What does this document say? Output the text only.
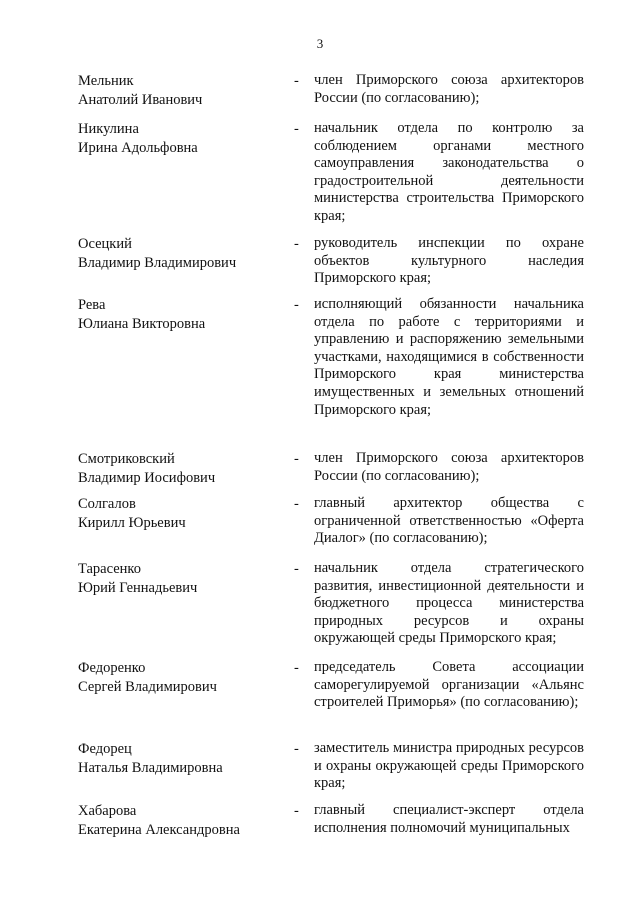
3
Мельник
Анатолий Иванович
- член Приморского союза архитекторов России (по согласованию);
Никулина
Ирина Адольфовна
- начальник отдела по контролю за соблюдением органами местного самоуправления законодательства о градостроительной деятельности министерства строительства Приморского края;
Осецкий
Владимир Владимирович
- руководитель инспекции по охране объектов культурного наследия Приморского края;
Рева
Юлиана Викторовна
- исполняющий обязанности начальника отдела по работе с территориями и управлению и распоряжению земельными участками, находящимися в собственности Приморского края министерства имущественных и земельных отношений Приморского края;
Смотриковский
Владимир Иосифович
- член Приморского союза архитекторов России (по согласованию);
Солгалов
Кирилл Юрьевич
- главный архитектор общества с ограниченной ответственностью «Оферта Диалог» (по согласованию);
Тарасенко
Юрий Геннадьевич
- начальник отдела стратегического развития, инвестиционной деятельности и бюджетного процесса министерства природных ресурсов и охраны окружающей среды Приморского края;
Федоренко
Сергей Владимирович
- председатель Совета ассоциации саморегулируемой организации «Альянс строителей Приморья» (по согласованию);
Федорец
Наталья Владимировна
- заместитель министра природных ресурсов и охраны окружающей среды Приморского края;
Хабарова
Екатерина Александровна
- главный специалист-эксперт отдела исполнения полномочий муниципальных
